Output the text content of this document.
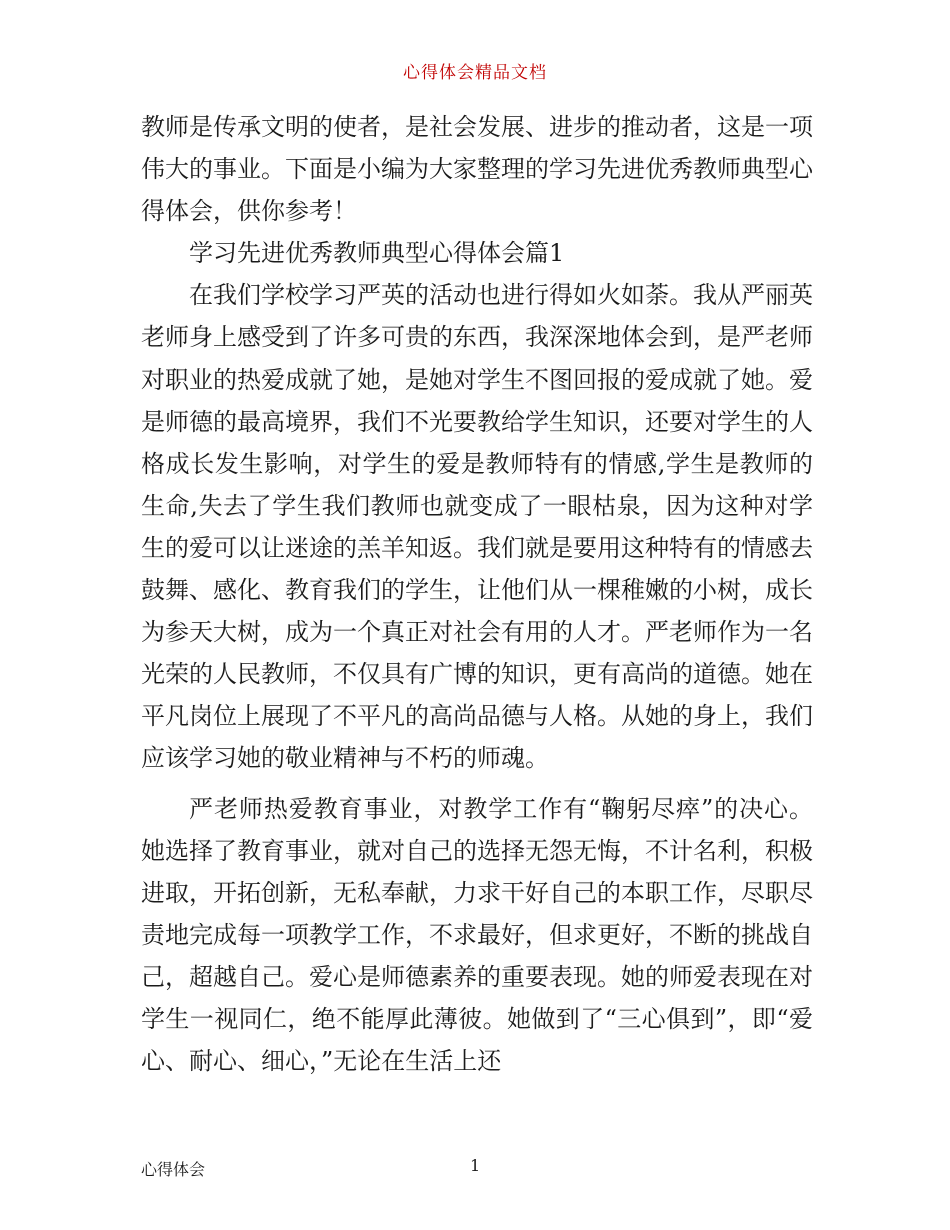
心得体会精品文档

教师是传承文明的使者，是社会发展、进步的推动者，这是一项伟大的事业。下面是小编为大家整理的学习先进优秀教师典型心得体会，供你参考！

学习先进优秀教师典型心得体会篇1

在我们学校学习严英的活动也进行得如火如荼。我从严丽英老师身上感受到了许多可贵的东西，我深深地体会到，是严老师对职业的热爱成就了她，是她对学生不图回报的爱成就了她。爱是师德的最高境界，我们不光要教给学生知识，还要对学生的人格成长发生影响，对学生的爱是教师特有的情感,学生是教师的生命,失去了学生我们教师也就变成了一眼枯泉，因为这种对学生的爱可以让迷途的羔羊知返。我们就是要用这种特有的情感去鼓舞、感化、教育我们的学生，让他们从一棵稚嫩的小树，成长为参天大树，成为一个真正对社会有用的人才。严老师作为一名光荣的人民教师，不仅具有广博的知识，更有高尚的道德。她在平凡岗位上展现了不平凡的高尚品德与人格。从她的身上，我们应该学习她的敬业精神与不朽的师魂。

严老师热爱教育事业，对教学工作有“鞠躬尽瘁”的决心。她选择了教育事业，就对自己的选择无怨无悔，不计名利，积极进取，开拓创新，无私奉献，力求干好自己的本职工作，尽职尽责地完成每一项教学工作，不求最好，但求更好，不断的挑战自己，超越自己。爱心是师德素养的重要表现。她的师爱表现在对学生一视同仁，绝不能厚此薄彼。她做到了“三心俱到”，即“爱心、耐心、细心，”无论在生活上还

心得体会	1
